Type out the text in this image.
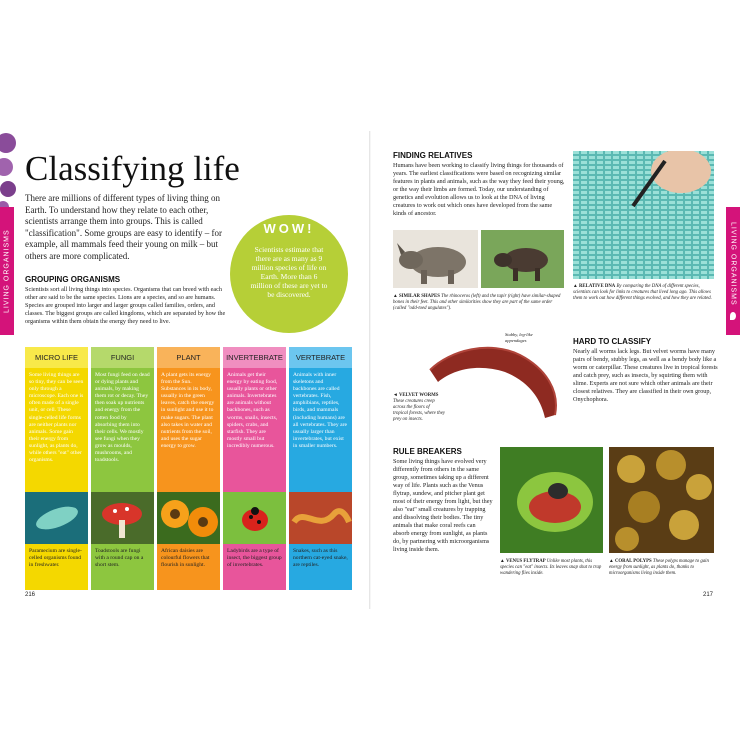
LIVING ORGANISMS
Classifying life
There are millions of different types of living thing on Earth. To understand how they relate to each other, scientists arrange them into groups. This is called "classification". Some groups are easy to identify – for example, all mammals feed their young on milk – but others are more complicated.
WOW!
Scientists estimate that there are as many as 9 million species of life on Earth. More than 6 million of these are yet to be discovered.
GROUPING ORGANISMS
Scientists sort all living things into species. Organisms that can breed with each other are said to be the same species. Lions are a species, and so are humans. Species are grouped into larger and larger groups called families, orders, and classes. The biggest groups are called kingdoms, which are separated by how the organisms within them obtain the energy they need to live.
MICRO LIFE
Some living things are so tiny, they can be seen only through a microscope. Each one is often made of a single unit, or cell. These single-celled life forms are neither plants nor animals. Some gain their energy from sunlight, as plants do, while others "eat" other organisms.
Paramecium are single-celled organisms found in freshwater.
FUNGI
Most fungi feed on dead or dying plants and animals, by making them rot or decay. They then soak up nutrients and energy from the rotten food by absorbing them into their cells. We mostly see fungi when they grow as moulds, mushrooms, and toadstools.
Toadstools are fungi with a round cap on a short stem.
PLANT
A plant gets its energy from the Sun. Substances in its body, usually in the green leaves, catch the energy in sunlight and use it to make sugars. The plant also takes in water and nutrients from the soil, and uses the sugar energy to grow.
African daisies are colourful flowers that flourish in sunlight.
INVERTEBRATE
Animals get their energy by eating food, usually plants or other animals. Invertebrates are animals without backbones, such as worms, snails, insects, spiders, crabs, and starfish. They are mostly small but incredibly numerous.
Ladybirds are a type of insect, the biggest group of invertebrates.
VERTEBRATE
Animals with inner skeletons and backbones are called vertebrates. Fish, amphibians, reptiles, birds, and mammals (including humans) are all vertebrates. They are usually larger than invertebrates, but exist in smaller numbers.
Snakes, such as this northern cat-eyed snake, are reptiles.
216
LIVING ORGANISMS
FINDING RELATIVES
Humans have been working to classify living things for thousands of years. The earliest classifications were based on recognizing similar features in plants and animals, such as the way they feed their young, or the way their limbs are formed. Today, our understanding of genetics and evolution allows us to look at the DNA of living creatures to work out which ones have developed from the same kinds of ancestor.
▲ SIMILAR SHAPES The rhinoceros (left) and the tapir (right) have similar-shaped bones in their feet. This and other similarities show they are part of the same order (called "odd-toed ungulates").
▲ RELATIVE DNA By comparing the DNA of different species, scientists can look for links to creatures that lived long ago. This allows them to work out how different things evolved, and how they are related.
Stubby, leg-like appendages
◄ VELVET WORMS These creatures creep across the floors of tropical forests, where they prey on insects.
HARD TO CLASSIFY
Nearly all worms lack legs. But velvet worms have many pairs of bendy, stubby legs, as well as a bendy body like a worm or caterpillar. These creatures live in tropical forests and catch prey, such as insects, by squirting them with slime. Experts are not sure which other animals are their closest relatives. They are classified in their own group, Onychophora.
RULE BREAKERS
Some living things have evolved very differently from others in the same group, sometimes taking up a different way of life. Plants such as the Venus flytrap, sundew, and pitcher plant get most of their energy from light, but they also "eat" small creatures by trapping and dissolving their bodies. The tiny animals that make coral reefs can absorb energy from sunlight, as plants do, by partnering with microorganisms living inside them.
▲ VENUS FLYTRAP Unlike most plants, this species can "eat" insects. Its leaves snap shut to trap wandering flies inside.
▲ CORAL POLYPS These polyps manage to gain energy from sunlight, as plants do, thanks to microorganisms living inside them.
217
